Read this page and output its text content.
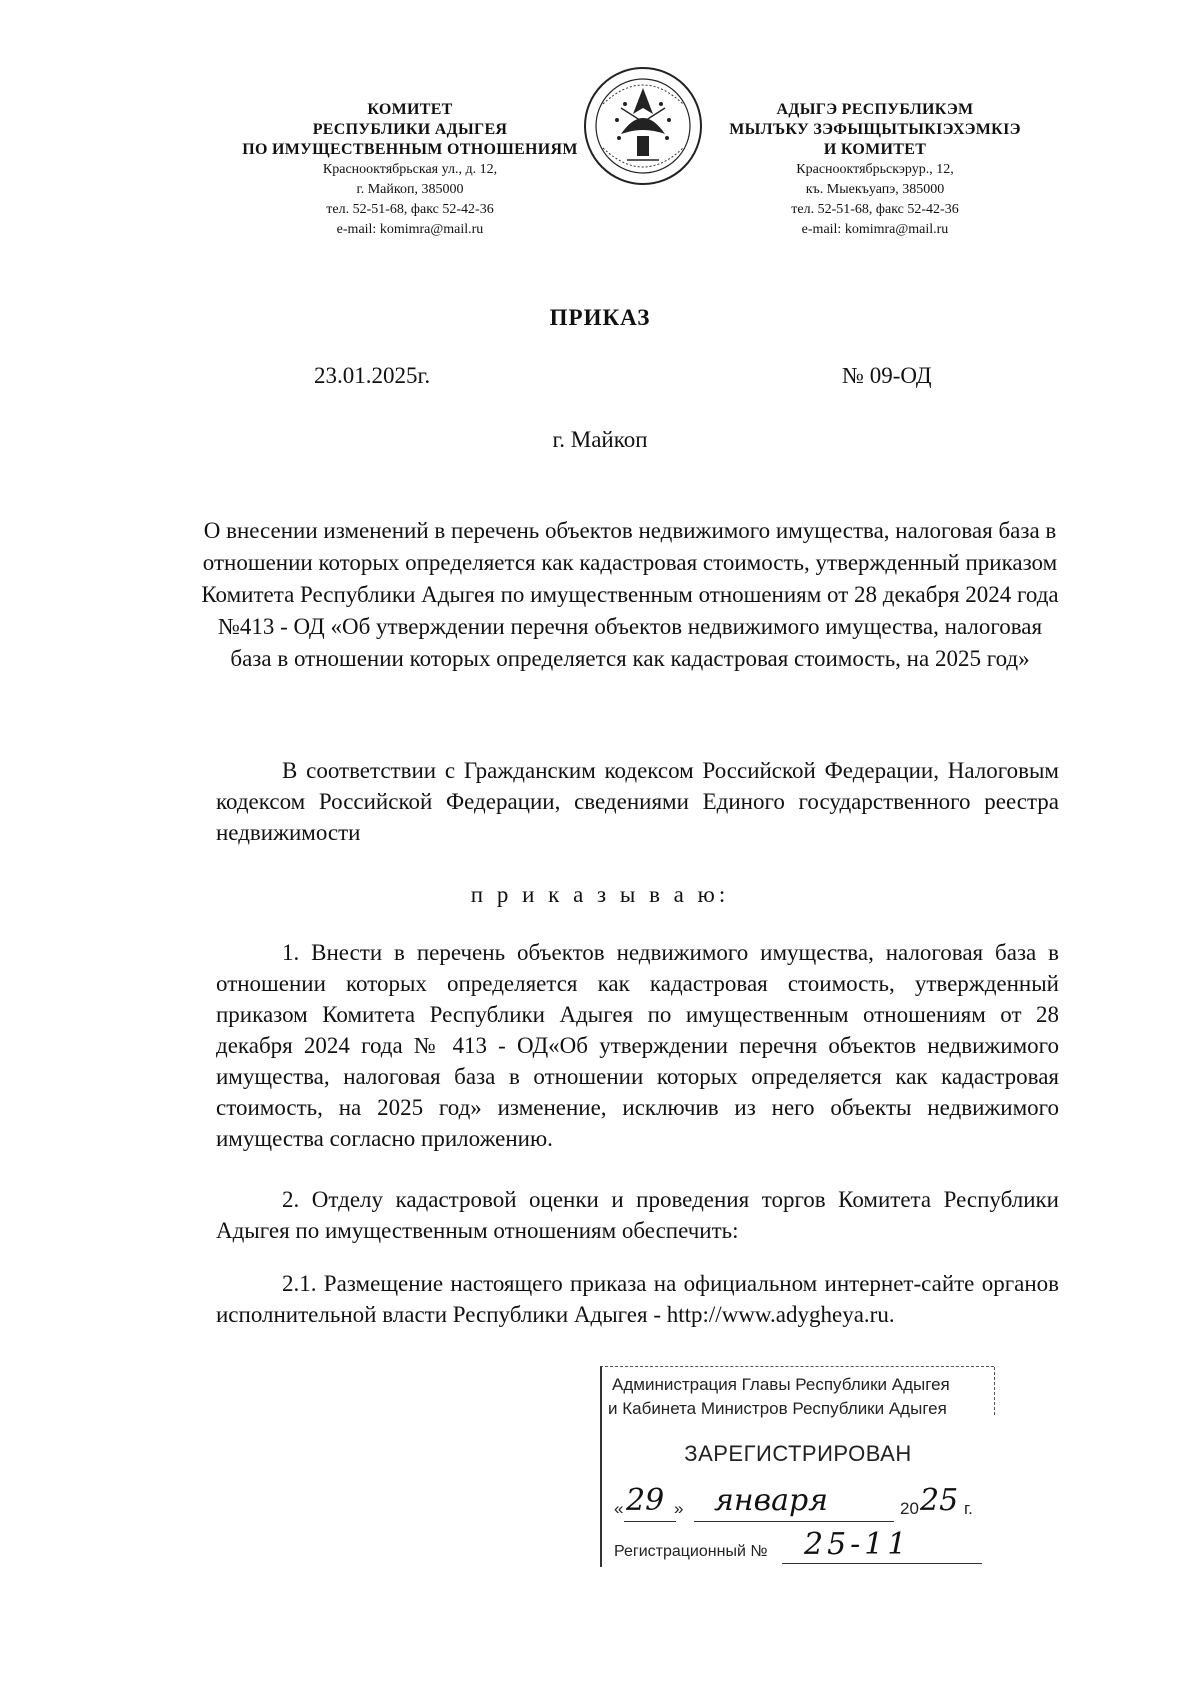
КОМИТЕТ
РЕСПУБЛИКИ АДЫГЕЯ
ПО ИМУЩЕСТВЕННЫМ ОТНОШЕНИЯМ
Краснооктябрьская ул., д. 12,
г. Майкоп, 385000
тел. 52-51-68, факс 52-42-36
e-mail: komimra@mail.ru
АДЫГЭ РЕСПУБЛИКЭМ
МЫЛЪКУ ЗЭФЫЩЫТЫКIЭХЭМКIЭ
И КОМИТЕТ
Краснооктябрьскэрур., 12,
къ. Мыекъуапэ, 385000
тел. 52-51-68, факс 52-42-36
e-mail: komimra@mail.ru
ПРИКАЗ
23.01.2025г.	№ 09-ОД
г. Майкоп
О внесении изменений в перечень объектов недвижимого имущества, налоговая база в отношении которых определяется как кадастровая стоимость, утвержденный приказом Комитета Республики Адыгея по имущественным отношениям от 28 декабря 2024 года №413 - ОД «Об утверждении перечня объектов недвижимого имущества, налоговая база в отношении которых определяется как кадастровая стоимость, на 2025 год»
В соответствии с Гражданским кодексом Российской Федерации, Налоговым кодексом Российской Федерации, сведениями Единого государственного реестра недвижимости
п р и к а з ы в а ю:
1. Внести в перечень объектов недвижимого имущества, налоговая база в отношении которых определяется как кадастровая стоимость, утвержденный приказом Комитета Республики Адыгея по имущественным отношениям от 28 декабря 2024 года № 413 - ОД«Об утверждении перечня объектов недвижимого имущества, налоговая база в отношении которых определяется как кадастровая стоимость, на 2025 год» изменение, исключив из него объекты недвижимого имущества согласно приложению.
2. Отделу кадастровой оценки и проведения торгов Комитета Республики Адыгея по имущественным отношениям обеспечить:
2.1. Размещение настоящего приказа на официальном интернет-сайте органов исполнительной власти Республики Адыгея - http://www.adygheya.ru.
Администрация Главы Республики Адыгея
и Кабинета Министров Республики Адыгея
ЗАРЕГИСТРИРОВАН
« 29 » января	20 25 г.
Регистрационный № 25-11
